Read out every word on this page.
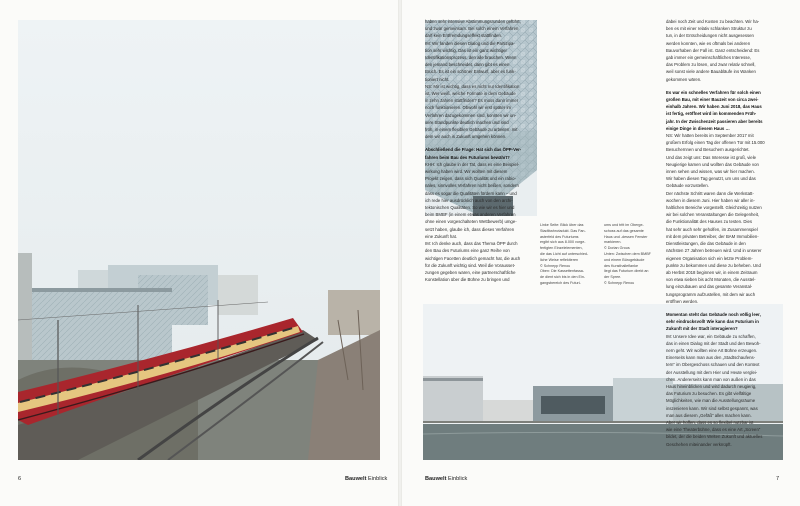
6	Bauwelt Einblick	Bauwelt Einblick	7

haben sehr intensive Abstimmungsrunden geführt,

und zwar gemeinsam. Bei solch einem Verfahren

darf kein Entfremdungseffekt stattfinden.

IM: Wir fanden diesen Dialog und die Partizipa-

tion sehr wichtig. Das ist ein ganz wichtiger

Identifikationsprozess, den alle brauchen. Wenn

den jemand beschneidet, dann gibt es einen

Bruch. Es ist ein schöner Entwurf, aber es funk-

tioniert nicht.

NS: Mir ist wichtig, dass es nicht nur Identifikation

ist. Wer weiß, welche Formate in dem Gebäude

in zehn Jahren stattfinden? Es muss dann immer

noch funktionieren. Obwohl wir erst später im

Verfahren dazugekommen sind, konnten wir un-

sere Standpunkte deutlich machen und sind

froh, in einem flexiblen Gebäude zu arbeiten, mit

dem wir auch in Zukunft umgehen können.

Abschließend die Frage: Hat sich das ÖPP-Ver-

fahren beim Bau des Futuriums bewährt?

KHH: Ich glaube in der Tat, dass es eine Beispiel-

wirkung haben wird. Wir wollten mit diesem

Projekt zeigen, dass sich Qualität und ein rabio-

nales, sinnvolles Verfahren nicht beißen, sondern

dass es sogar die Qualitäten fördern kann – und

ich rede hier ausdrücklich auch von den archi-

tektonischen Qualitäten. So wie wir es hier und

beim BMBF (in einem etwas anderen Verfahren

ohne einen vorgeschalteten Wettbewerb) umge-

setzt haben, glaube ich, dass dieses Verfahren

eine Zukunft hat.

IM: Ich denke auch, dass das Thema ÖPP durch

den Bau des Futuriums eine ganz Reihe von

wichtigen Facetten deutlich gemacht hat, die auch

für die Zukunft wichtig sind. Weil die Vorausset-

zungen gegeben waren, eine partnerschaftliche

Konstellation über die Bühne zu bringen und

dabei noch Zeit und Kosten zu beachten. Wir ha-

ben es mit einer relativ schlanken Struktur zu

tun, in der Entscheidungen nicht ausgesessen

werden konnten, wie es oftmals bei anderen

Bauvorhaben der Fall ist. Ganz entscheidend: Es

gab immer ein gemeinschaftliches Interesse,

das Problem zu lösen, und zwar relativ schnell,

weil sonst viele andere Bauabläufe ins Wanken

gekommen wären.

Es war ein schnelles Verfahren für solch einen

großen Bau, mit einer Bauzeit von circa zwei-

einhalb Jahren. Wir haben Juni 2018, das Haus

ist fertig, eröffnet wird im kommenden Früh-

jahr. In der Zwischenzeit passieren aber bereits

einige Dinge in diesem Haus …

NS: Wir hatten bereits im September 2017 mit

großem Erfolg einen Tag der offenen Tür mit 15.000

Besuchernnen und Besuchern ausgerichtet.

Und das zeigt uns: Das Interesse ist groß, viele

Neugierige kamen und wollten das Gebäude von

innen sehen und wissen, was wir hier machen.

Wir haben diesen Tag genutzt, um uns und das

Gebäude vorzustellen.

Der nächste Schritt waren dann die Werkstatt-

wochen in diesem Juni. Hier haben wir aller in-

haltlichen Bereiche vorgestellt. Gleichzeitig nutzen

wir bei solchen Veranstaltungen die Gelegenheit,

die Funktionalität des Hauses zu testen. Dies

hat sehr auch sehr geholfen, im Zusammenspiel

mit dem privaten Betreiber, der BAM Immobilien-

Dienstleistungen, die das Gebäude in den

nächsten 27 Jahren betreuen wird. Und in unserer

eigenen Organisation sich ein letzte Problem-

punkte zu bekommen und diese zu beheben. Und

ab Herbst 2018 beginnen wir, in einem Zeitraum

von etwa sieben bis acht Monaten, die Ausstel-

lung einzubauen und das gesamte Veranstal-

tungsprogramm aufzustellen, mit dem wir auch

eröffnen werden.

Momentan steht das Gebäude noch völlig leer,

sehr eindrucksvoll! Wie kann das Futurium in

Zukunft mit der Stadt interagieren?

IM: Unsere Idee war, ein Gebäude zu schaffen,

das in einen Dialog mit der Stadt und den Bewoh-

nern geht. Wir wollten eine Art Bühne erzeugen.

Einerseits kann man aus den „Stadtschaufens-

tern“ im Obergeschoss schauen und den Kontext

der Ausstellung mit dem Hier und Heute verglei-

chen. Andererseits kann man von außen in das

Haus hineinblicken und wird dadurch neugierig,

das Futurium zu besuchen. Es gibt vielfältige

Möglichkeiten, wie man die Ausstellungsräume

inszenieren kann. Wir sind selbst gespannt, was

man aus diesem „Gefäß“ alles machen kann.

Aber wir hoffen, dass es so flexibel nutzbar ist

wie eine Theaterbühne, dass es eine Art „Screen“

bildet, der die beiden Welten Zukunft und aktuelles

Geschehen miteinander verknüpft.

Linke Seite: Blick über das

Stadtbahnviadukt. Das Fan-

asterfeld des Futuriums

ergibt sich aus 8.000 vorge-

fertigten Einzelelementen,

die das Licht auf unterschied-

liche Weise reflektieren

© Schnepp Renou

Oben: Die Kassettenfassa-

de dient sich bis in den Ein-

gangsbereich des Futuri-

ums und tritt im Oberge-

schoss auf das gesamte

Haus und -dessen Fenster

markieren.

© Dorian Grous

Unten: Zwischen dem BMBF

und einem Bürogebäude

des Kunsthalleflanke

liegt das Futurium direkt an

der Spree.

© Schnepp Renou
